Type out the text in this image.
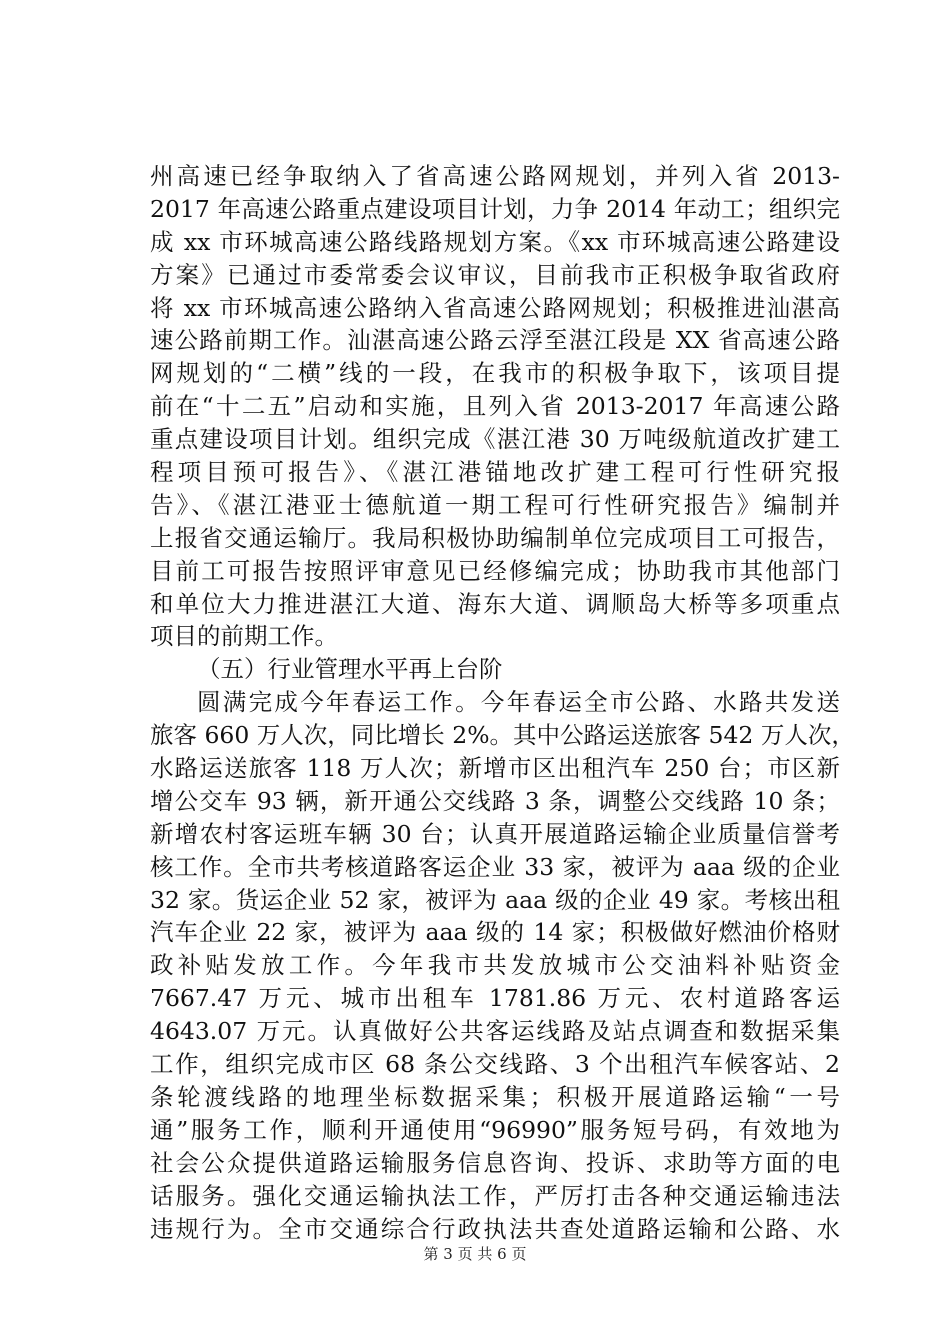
州高速已经争取纳入了省高速公路网规划，并列入省 2013-
2017 年高速公路重点建设项目计划，力争 2014 年动工；组织完
成 xx 市环城高速公路线路规划方案。《xx 市环城高速公路建设
方案》已通过市委常委会议审议，目前我市正积极争取省政府
将 xx 市环城高速公路纳入省高速公路网规划；积极推进汕湛高
速公路前期工作。汕湛高速公路云浮至湛江段是 XX 省高速公路
网规划的“二横”线的一段，在我市的积极争取下，该项目提
前在“十二五”启动和实施，且列入省 2013-2017 年高速公路
重点建设项目计划。组织完成《湛江港 30 万吨级航道改扩建工
程项目预可报告》、《湛江港锚地改扩建工程可行性研究报
告》、《湛江港亚士德航道一期工程可行性研究报告》编制并
上报省交通运输厅。我局积极协助编制单位完成项目工可报告，
目前工可报告按照评审意见已经修编完成；协助我市其他部门
和单位大力推进湛江大道、海东大道、调顺岛大桥等多项重点
项目的前期工作。
（五）行业管理水平再上台阶
圆满完成今年春运工作。今年春运全市公路、水路共发送
旅客 660 万人次，同比增长 2%。其中公路运送旅客 542 万人次，
水路运送旅客 118 万人次；新增市区出租汽车 250 台；市区新
增公交车 93 辆，新开通公交线路 3 条，调整公交线路 10 条；
新增农村客运班车辆 30 台；认真开展道路运输企业质量信誉考
核工作。全市共考核道路客运企业 33 家，被评为 aaa 级的企业
32 家。货运企业 52 家，被评为 aaa 级的企业 49 家。考核出租
汽车企业 22 家，被评为 aaa 级的 14 家；积极做好燃油价格财
政补贴发放工作。今年我市共发放城市公交油料补贴资金
7667.47 万元、城市出租车 1781.86 万元、农村道路客运
4643.07 万元。认真做好公共客运线路及站点调查和数据采集
工作，组织完成市区 68 条公交线路、3 个出租汽车候客站、2
条轮渡线路的地理坐标数据采集；积极开展道路运输“一号
通”服务工作，顺利开通使用“96990”服务短号码，有效地为
社会公众提供道路运输服务信息咨询、投诉、求助等方面的电
话服务。强化交通运输执法工作，严厉打击各种交通运输违法
违规行为。全市交通综合行政执法共查处道路运输和公路、水
第 3 页 共 6 页
